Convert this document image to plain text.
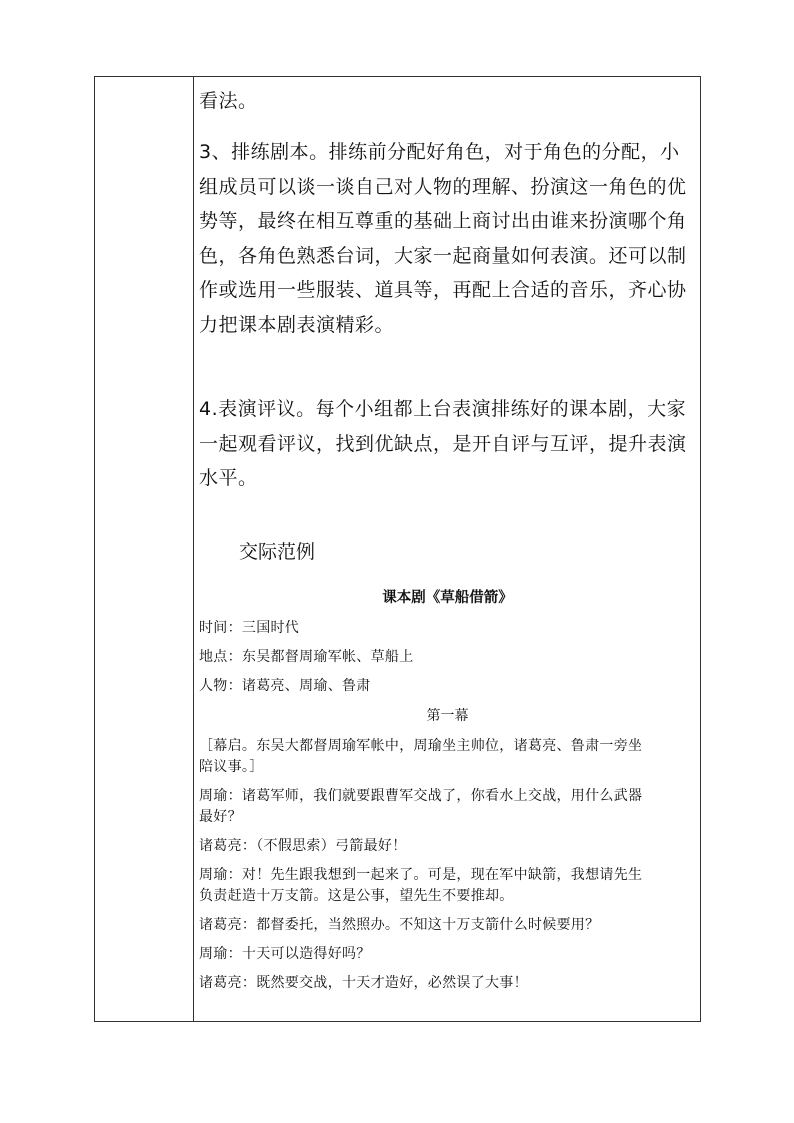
看法。
3、排练剧本。排练前分配好角色，对于角色的分配，小
组成员可以谈一谈自己对人物的理解、扮演这一角色的优
势等，最终在相互尊重的基础上商讨出由谁来扮演哪个角
色，各角色熟悉台词，大家一起商量如何表演。还可以制
作或选用一些服装、道具等，再配上合适的音乐，齐心协
力把课本剧表演精彩。
4.表演评议。每个小组都上台表演排练好的课本剧，大家
一起观看评议，找到优缺点，是开自评与互评，提升表演
水平。
交际范例
课本剧《草船借箭》
时间：三国时代
地点：东吴都督周瑜军帐、草船上
人物：诸葛亮、周瑜、鲁肃
第一幕
［幕启。东吴大都督周瑜军帐中，周瑜坐主帅位，诸葛亮、鲁肃一旁坐
陪议事。］
周瑜：诸葛军师，我们就要跟曹军交战了，你看水上交战，用什么武器
最好？
诸葛亮：（不假思索）弓箭最好！
周瑜：对！先生跟我想到一起来了。可是，现在军中缺箭，我想请先生
负责赶造十万支箭。这是公事，望先生不要推却。
诸葛亮：都督委托，当然照办。不知这十万支箭什么时候要用？
周瑜：十天可以造得好吗？
诸葛亮：既然要交战，十天才造好，必然误了大事！
